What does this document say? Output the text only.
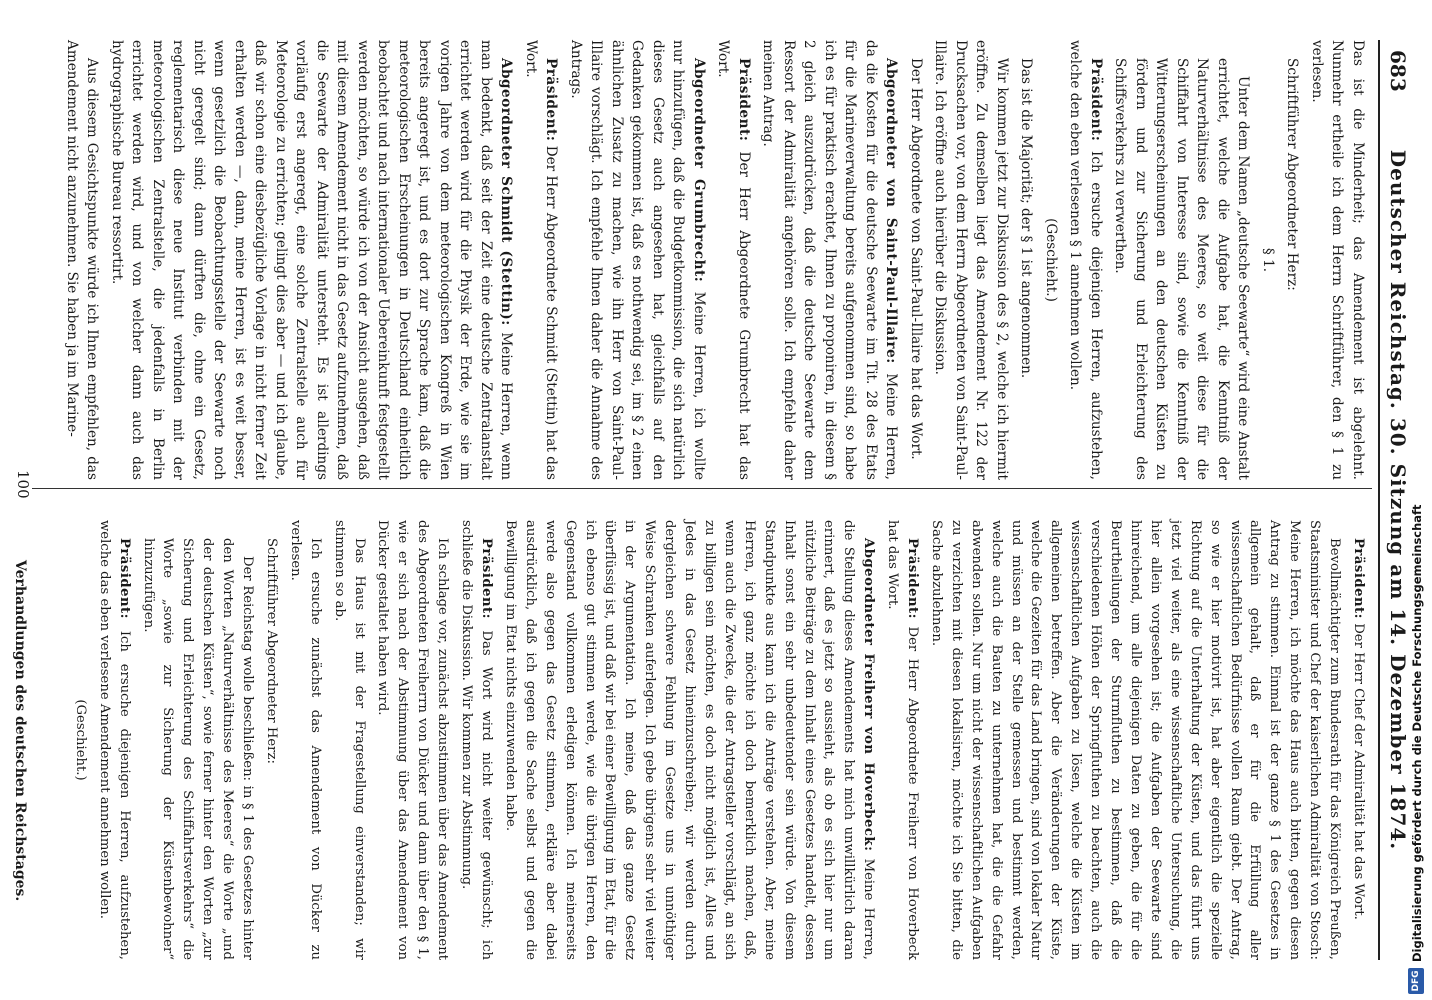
683
Deutscher Reichstag. 30. Sitzung am 14. Dezember 1874.

Das ist die Minderheit; das Amendement ist abgelehnt. Nunmehr ertheile ich dem Herrn Schriftführer, den § 1 zu verlesen.

Schriftführer Abgeordneter Herz:

§ 1.

Unter dem Namen „deutsche Seewarte“ wird eine Anstalt errichtet, welche die Aufgabe hat, die Kenntniß der Naturverhältnisse des Meeres, so weit diese für die Schiffahrt von Interesse sind, sowie die Kenntniß der Witterungserscheinungen an den deutschen Küsten zu fördern und zur Sicherung und Erleichterung des Schiffsverkehrs zu verwerthen.

Präsident: Ich ersuche diejenigen Herren, aufzustehen, welche den eben verlesenen § 1 annehmen wollen.

(Geschieht.)

Das ist die Majorität; der § 1 ist angenommen.

Wir kommen jetzt zur Diskussion des § 2, welche ich hiermit eröffne. Zu demselben liegt das Amendement Nr. 122 der Drucksachen vor, von dem Herrn Abgeordneten von Saint-Paul-Illaire. Ich eröffne auch hierüber die Diskussion.

Der Herr Abgeordnete von Saint-Paul-Illaire hat das Wort.

Abgeordneter von Saint-Paul-Illaire: Meine Herren, da die Kosten für die deutsche Seewarte im Tit. 28 des Etats für die Marineverwaltung bereits aufgenommen sind, so habe ich es für praktisch erachtet, Ihnen zu proponiren, in diesem § 2 gleich auszudrücken, daß die deutsche Seewarte dem Ressort der Admiralität angehören solle. Ich empfehle daher meinen Antrag.

Präsident: Der Herr Abgeordnete Grumbrecht hat das Wort.

Abgeordneter Grumbrecht: Meine Herren, ich wollte nur hinzufügen, daß die Budgetkommission, die sich natürlich dieses Gesetz auch angesehen hat, gleichfalls auf den Gedanken gekommen ist, daß es nothwendig sei, im § 2 einen ähnlichen Zusatz zu machen, wie ihn Herr von Saint-Paul-Illaire vorschlägt. Ich empfehle Ihnen daher die Annahme des Antrags.

Präsident: Der Herr Abgeordnete Schmidt (Stettin) hat das Wort.

Abgeordneter Schmidt (Stettin): Meine Herren, wenn man bedenkt, daß seit der Zeit eine deutsche Zentralanstalt errichtet werden wird für die Physik der Erde, wie sie im vorigen Jahre von dem meteorologischen Kongreß in Wien bereits angeregt ist, und es dort zur Sprache kam, daß die meteorologischen Erscheinungen in Deutschland einheitlich beobachtet und nach internationaler Uebereinkunft festgestellt werden möchten, so würde ich von der Ansicht ausgehen, daß mit diesem Amendement nicht in das Gesetz aufzunehmen, daß die Seewarte der Admiralität untersteht. Es ist allerdings vorläufig erst angeregt, eine solche Zentralstelle auch für Meteorologie zu errichten; gelingt dies aber — und ich glaube, daß wir schon eine diesbezügliche Vorlage in nicht ferner Zeit erhalten werden —, dann, meine Herren, ist es weit besser, wenn gesetzlich die Beobachtungsstelle der Seewarte noch nicht geregelt sind; dann dürften die, ohne ein Gesetz, reglementarisch diese neue Institut verbinden mit der meteorologischen Zentralstelle, die jedenfalls in Berlin errichtet werden wird, und von welcher dann auch das hydrographische Bureau ressortirt.

Aus diesem Gesichtspunkte würde ich Ihnen empfehlen, das Amendement nicht anzunehmen. Sie haben ja im Marine-

Präsident: Der Herr Chef der Admiralität hat das Wort.

Bevollmächtigter zum Bundesrath für das Königreich Preußen, Staatsminister und Chef der kaiserlichen Admiralität von Stosch: Meine Herren, ich möchte das Haus auch bitten, gegen diesen Antrag zu stimmen. Einmal ist der ganze § 1 des Gesetzes in allgemein gehalt, daß er für die Erfüllung aller wissenschaftlichen Bedürfnisse vollen Raum giebt. Der Antrag, so wie er hier motivirt ist, hat aber eigentlich die spezielle Richtung auf die Unterhaltung der Küsten, und das führt uns jetzt viel weiter, als eine wissenschaftliche Untersuchung, die hier allein vorgesehen ist; die Aufgaben der Seewarte sind hinreichend, um alle diejenigen Daten zu geben, die für die Beurtheilungen der Sturmfluthen zu bestimmen, daß die verschiedenen Höhen der Springfluthen zu beachten, auch die wissenschaftlichen Aufgaben zu lösen, welche die Küsten im allgemeinen betreffen. Aber die Veränderungen der Küste, welche die Gezeiten für das Land bringen, sind von lokaler Natur und müssen an der Stelle gemessen und bestimmt werden, welche auch die Bauten zu unternehmen hat, die die Gefahr abwenden sollen. Nur um nicht der wissenschaftlichen Aufgaben zu verzichten mit diesen lokalisiren, möchte ich Sie bitten, die Sache abzulehnen.

Präsident: Der Herr Abgeordnete Freiherr von Hoverbeck hat das Wort.

Abgeordneter Freiherr von Hoverbeck: Meine Herren, die Stellung dieses Amendements hat mich unwillkürlich daran erinnert, daß es jetzt so aussieht, als ob es sich hier nur um nützliche Beiträge zu dem Inhalt eines Gesetzes handelt, dessen Inhalt sonst ein sehr unbedeutender sein würde. Von diesem Standpunkte aus kann ich die Anträge verstehen. Aber, meine Herren, ich ganz möchte ich doch bemerklich machen, daß, wenn auch die Zwecke, die der Antragsteller vorschlägt, an sich zu billigen sein möchten, es doch nicht möglich ist, Alles und Jedes in das Gesetz hineinzuschreiben; wir werden durch dergleichen schwere Fehlung im Gesetze uns in unnöthiger Weise Schranken auferlegen. Ich gebe übrigens sehr viel weiter in der Argumentation. Ich meine, daß das ganze Gesetz überflüssig ist, und daß wir bei einer Bewilligung im Etat, für die ich ebenso gut stimmen werde, wie die übrigen Herren, den Gegenstand vollkommen erledigen können. Ich meinerseits werde also gegen das Gesetz stimmen, erkläre aber dabei ausdrücklich, daß ich gegen die Sache selbst und gegen die Bewilligung im Etat nichts einzuwenden habe.

Präsident: Das Wort wird nicht weiter gewünscht; ich schließe die Diskussion. Wir kommen zur Abstimmung.

Ich schlage vor, zunächst abzustimmen über das Amendement des Abgeordneten Freiherrn von Dücker und dann über den § 1, wie er sich nach der Abstimmung über das Amendement von Dücker gestaltet haben wird.

Das Haus ist mit der Fragestellung einverstanden; wir stimmen so ab.

Ich ersuche zunächst das Amendement von Dücker zu verlesen.

Schriftführer Abgeordneter Herz:

Der Reichstag wolle beschließen: in § 1 des Gesetzes hinter den Worten „Naturverhältnisse des Meeres“ die Worte „und der deutschen Küsten“, sowie ferner hinter den Worten „zur Sicherung und Erleichterung des Schiffahrtsverkehrs“ die Worte „sowie zur Sicherung der Küstenbewohner“ hinzuzufügen.

Präsident: Ich ersuche diejenigen Herren, aufzustehen, welche das eben verlesene Amendement annehmen wollen.

(Geschieht.)

100
Verhandlungen des deutschen Reichstages.
DFG
Digitalisierung gefördert durch die Deutsche Forschungsgemeinschaft
